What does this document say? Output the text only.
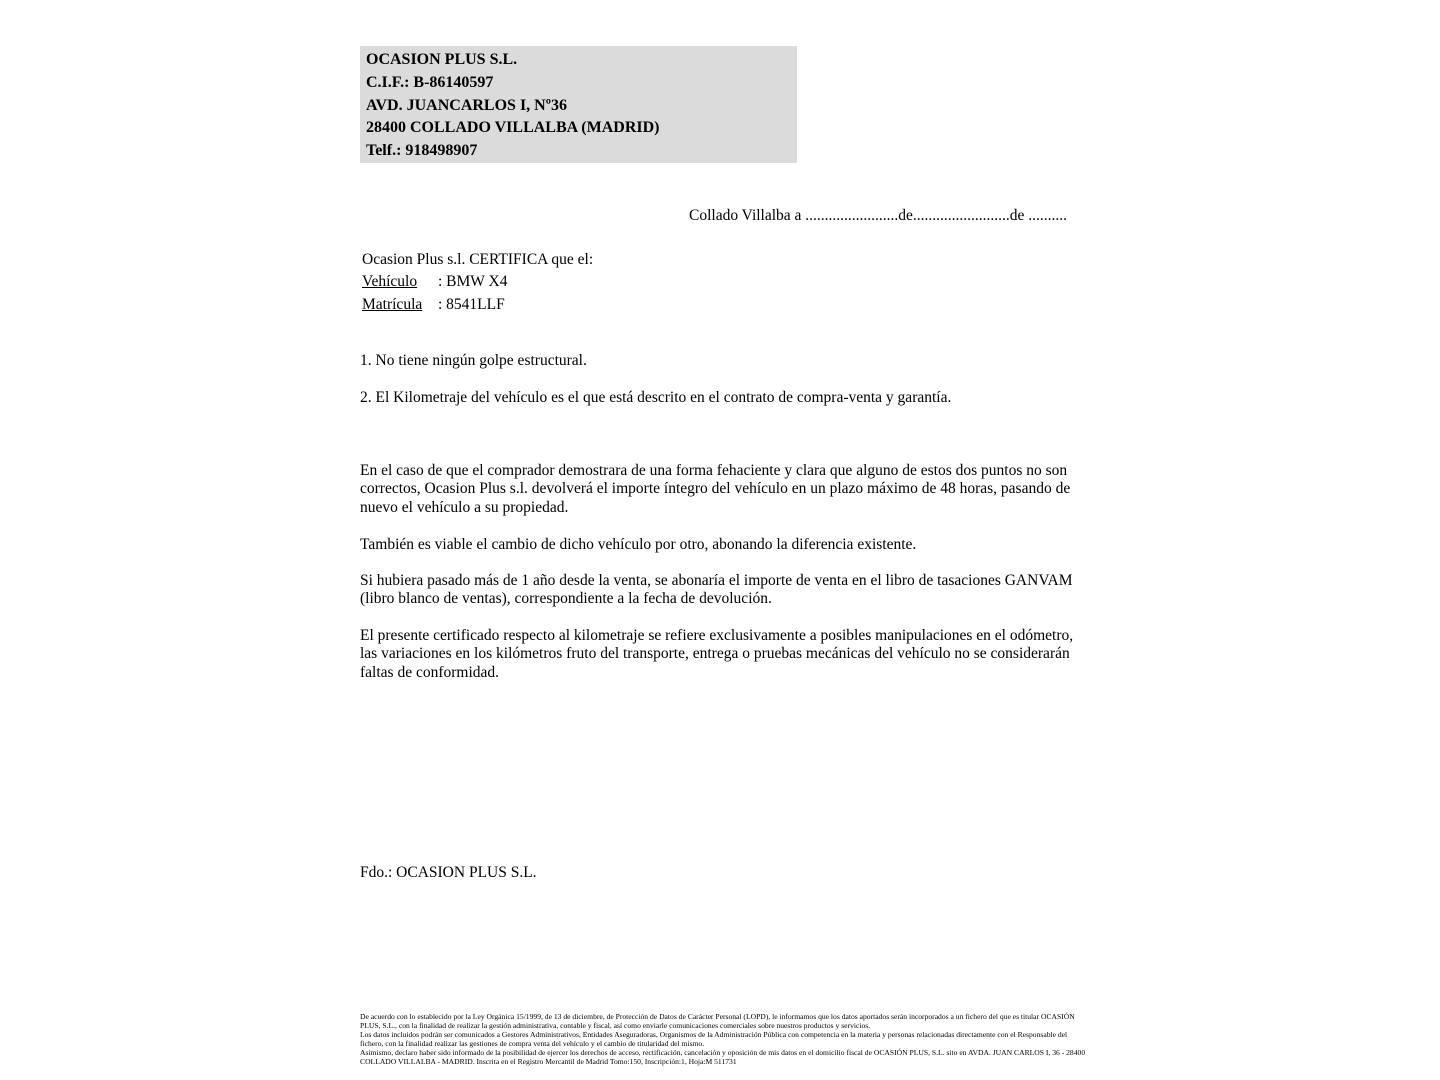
OCASION PLUS S.L.
C.I.F.: B-86140597
AVD. JUANCARLOS I, Nº36
28400 COLLADO VILLALBA (MADRID)
Telf.: 918498907
Collado Villalba a ........................de.........................de ..........
Ocasion Plus s.l. CERTIFICA que el:
Vehículo : BMW X4
Matrícula : 8541LLF
1. No tiene ningún golpe estructural.
2. El Kilometraje del vehículo es el que está descrito en el contrato de compra-venta y garantía.
En el caso de que el comprador demostrara de una forma fehaciente y clara que alguno de estos dos puntos no son correctos, Ocasion Plus s.l. devolverá el importe íntegro del vehículo en un plazo máximo de 48 horas, pasando de nuevo el vehículo a su propiedad.
También es viable el cambio de dicho vehículo por otro, abonando la diferencia existente.
Si hubiera pasado más de 1 año desde la venta, se abonaría el importe de venta en el libro de tasaciones GANVAM (libro blanco de ventas), correspondiente a la fecha de devolución.
El presente certificado respecto al kilometraje se refiere exclusivamente a posibles manipulaciones en el odómetro, las variaciones en los kilómetros fruto del transporte, entrega o pruebas mecánicas del vehículo no se considerarán faltas de conformidad.
Fdo.: OCASION PLUS S.L.

De acuerdo con lo establecido por la Ley Orgánica 15/1999, de 13 de diciembre, de Protección de Datos de Carácter Personal (LOPD), le informamos que los datos aportados serán incorporados a un fichero del que es titular OCASIÓN PLUS, S.L., con la finalidad de realizar la gestión administrativa, contable y fiscal, así como enviarle comunicaciones comerciales sobre nuestros productos y servicios.

Los datos incluidos podrán ser comunicados a Gestores Administrativos, Entidades Aseguradoras, Organismos de la Administración Pública con competencia en la materia y personas relacionadas directamente con el Responsable del fichero, con la finalidad realizar las gestiones de compra venta del vehículo y el cambio de titularidad del mismo.

Asimismo, declaro haber sido informado de la posibilidad de ejercer los derechos de acceso, rectificación, cancelación y oposición de mis datos en el domicilio fiscal de OCASIÓN PLUS, S.L. sito en AVDA. JUAN CARLOS I, 36 - 28400 COLLADO VILLALBA - MADRID. Inscrita en el Registro Mercantil de Madrid Tomo:150, Inscripción:1, Hoja:M 511731
